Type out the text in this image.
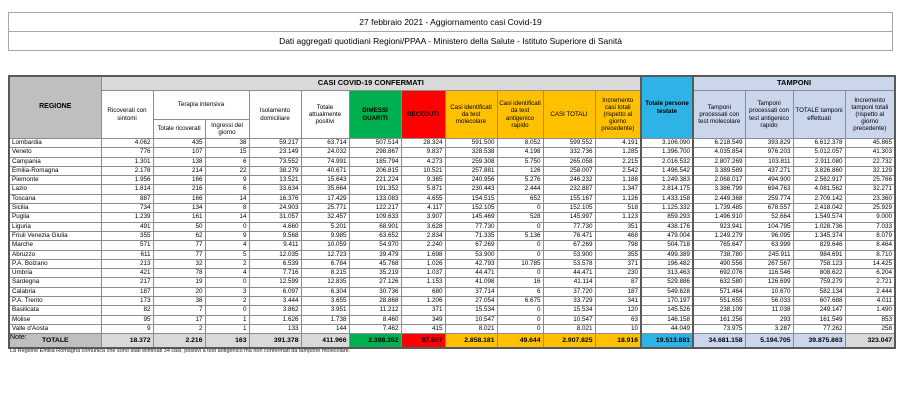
27 febbraio 2021 - Aggiornamento casi Covid-19
Dati aggregati quotidiani Regioni/PPAA - Ministero della Salute - Istituto Superiore di Sanità
REGIONE	CASI COVID-19 CONFERMATI											Totale persone testate	TAMPONI			
	Ricoverati con sintomi	Terapia intensiva		Isolamento domiciliare	Totale attualmente positivi	DIMESSI GUARITI	DECEDUTI	Casi identificati da test molecolare	Casi identificati da test antigenico rapido	CASI TOTALI	Incremento casi totali (rispetto al giorno precedente)		Tamponi processati con test molecolare	Tamponi processati con test antigenico rapido	TOTALE tamponi effettuati	Incremento tamponi totali (rispetto al giorno precedente)
		Totale ricoverati	Ingressi del giorno													
Lombardia	4.062	435	38	59.217	63.714	507.514	28.324	591.500	8.052	599.552	4.191	3.106.090	6.218.549	393.829	6.612.378	45.865
Veneto	776	107	15	23.149	24.032	298.867	9.837	328.538	4.198	332.736	1.285	1.396.700	4.035.854	976.203	5.012.057	41.303
Campania	1.301	138	6	73.552	74.991	185.794	4.273	259.308	5.750	265.058	2.215	2.016.532	2.807.269	103.811	2.911.080	22.732
Emilia-Romagna	2.178	214	22	38.279	40.671	206.815	10.521	257.881	126	258.007	2.542	1.496.542	3.389.589	437.271	3.826.860	32.129
Piemonte	1.956	166	9	13.521	15.643	221.224	9.365	240.956	5.276	246.232	1.188	1.249.383	2.068.017	494.900	2.562.917	25.766
Lazio	1.814	216	6	33.634	35.664	191.352	5.871	230.443	2.444	232.887	1.347	2.814.175	3.386.799	694.763	4.081.562	32.271
Toscana	887	166	14	16.376	17.429	133.083	4.655	154.515	652	155.167	1.126	1.433.158	2.449.368	259.774	2.709.142	23.360
Sicilia	734	134	8	24.903	25.771	122.217	4.117	152.105	0	152.105	518	1.125.332	1.739.485	678.557	2.418.042	25.929
Puglia	1.239	161	14	31.057	32.457	109.633	3.907	145.469	528	145.997	1.123	859.293	1.496.910	52.664	1.549.574	9.000
Liguria	491	50	0	4.660	5.201	68.901	3.628	77.730	0	77.730	351	438.176	923.941	104.795	1.028.736	7.033
Friuli Venezia Giulia	355	62	9	9.568	9.985	63.652	2.834	71.335	5.136	76.471	468	479.004	1.249.279	96.095	1.345.374	8.079
Marche	571	77	4	9.411	10.059	54.970	2.240	67.269	0	67.269	798	504.718	765.647	63.999	829.646	8.464
Abruzzo	611	77	5	12.035	12.723	39.479	1.698	53.900	0	53.900	355	499.389	738.780	245.911	984.691	8.710
P.A. Bolzano	213	32	2	6.539	6.784	45.768	1.026	42.793	10.785	53.578	371	196.482	490.556	267.567	758.123	14.425
Umbria	421	78	4	7.716	8.215	35.219	1.037	44.471	0	44.471	230	313.463	692.076	116.546	808.622	6.204
Sardegna	217	19	0	12.599	12.835	27.126	1.153	41.098	16	41.114	87	529.886	632.580	126.699	759.279	2.721
Calabria	187	20	3	6.097	6.304	30.736	680	37.714	6	37.720	187	549.628	571.464	10.670	582.134	2.444
P.A. Trento	173	38	2	3.444	3.655	28.868	1.206	27.054	6.675	33.729	341	170.197	551.655	56.033	607.688	4.011
Basilicata	82	7	0	3.862	3.951	11.212	371	15.534	0	15.534	120	145.526	238.109	11.038	249.147	1.490
Molise	95	17	1	1.626	1.738	8.460	349	10.547	0	10.547	63	146.158	161.256	293	161.549	853
Valle d'Aosta	9	2	1	133	144	7.462	415	8.021	0	8.021	10	44.049	73.975	3.287	77.262	258
TOTALE	18.372	2.216	163	391.378	411.966	2.398.352	97.507	2.858.181	49.644	2.907.825	18.916	19.513.881	34.681.158	5.194.705	39.875.863	323.047
Note:
La Regione Emilia Romagna comunica che sono stati eliminati 34 casi, positivi a test antigenico ma non confermati da tampone molecolare.
